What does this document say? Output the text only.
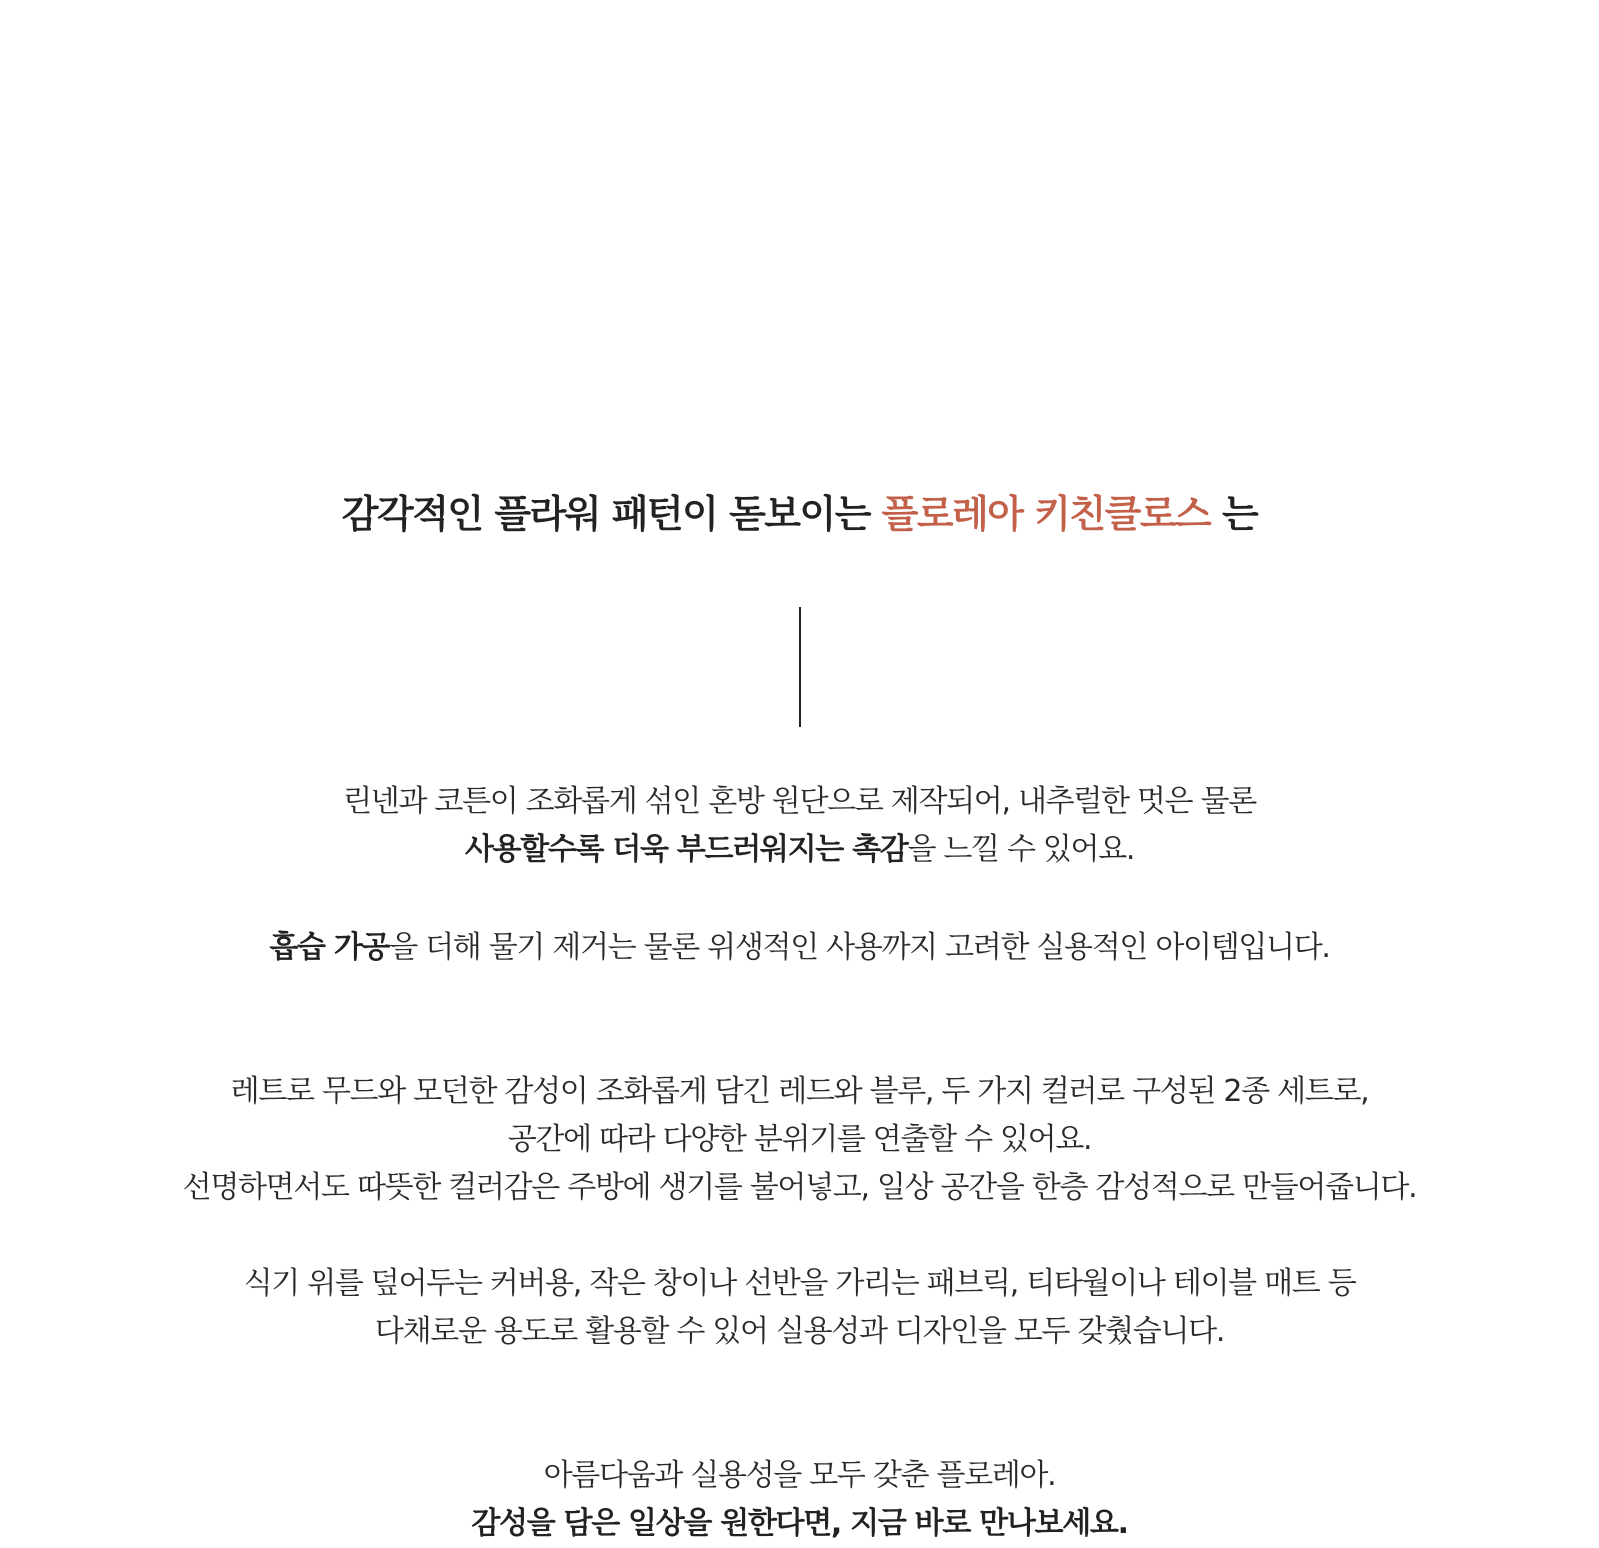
감각적인 플라워 패턴이 돋보이는 플로레아 키친클로스 는
린넨과 코튼이 조화롭게 섞인 혼방 원단으로 제작되어, 내추럴한 멋은 물론
사용할수록 더욱 부드러워지는 촉감을 느낄 수 있어요.
흡습 가공을 더해 물기 제거는 물론 위생적인 사용까지 고려한 실용적인 아이템입니다.
레트로 무드와 모던한 감성이 조화롭게 담긴 레드와 블루, 두 가지 컬러로 구성된 2종 세트로,
공간에 따라 다양한 분위기를 연출할 수 있어요.
선명하면서도 따뜻한 컬러감은 주방에 생기를 불어넣고, 일상 공간을 한층 감성적으로 만들어줍니다.
식기 위를 덮어두는 커버용, 작은 창이나 선반을 가리는 패브릭, 티타월이나 테이블 매트 등
다채로운 용도로 활용할 수 있어 실용성과 디자인을 모두 갖췄습니다.
아름다움과 실용성을 모두 갖춘 플로레아.
감성을 담은 일상을 원한다면, 지금 바로 만나보세요.
